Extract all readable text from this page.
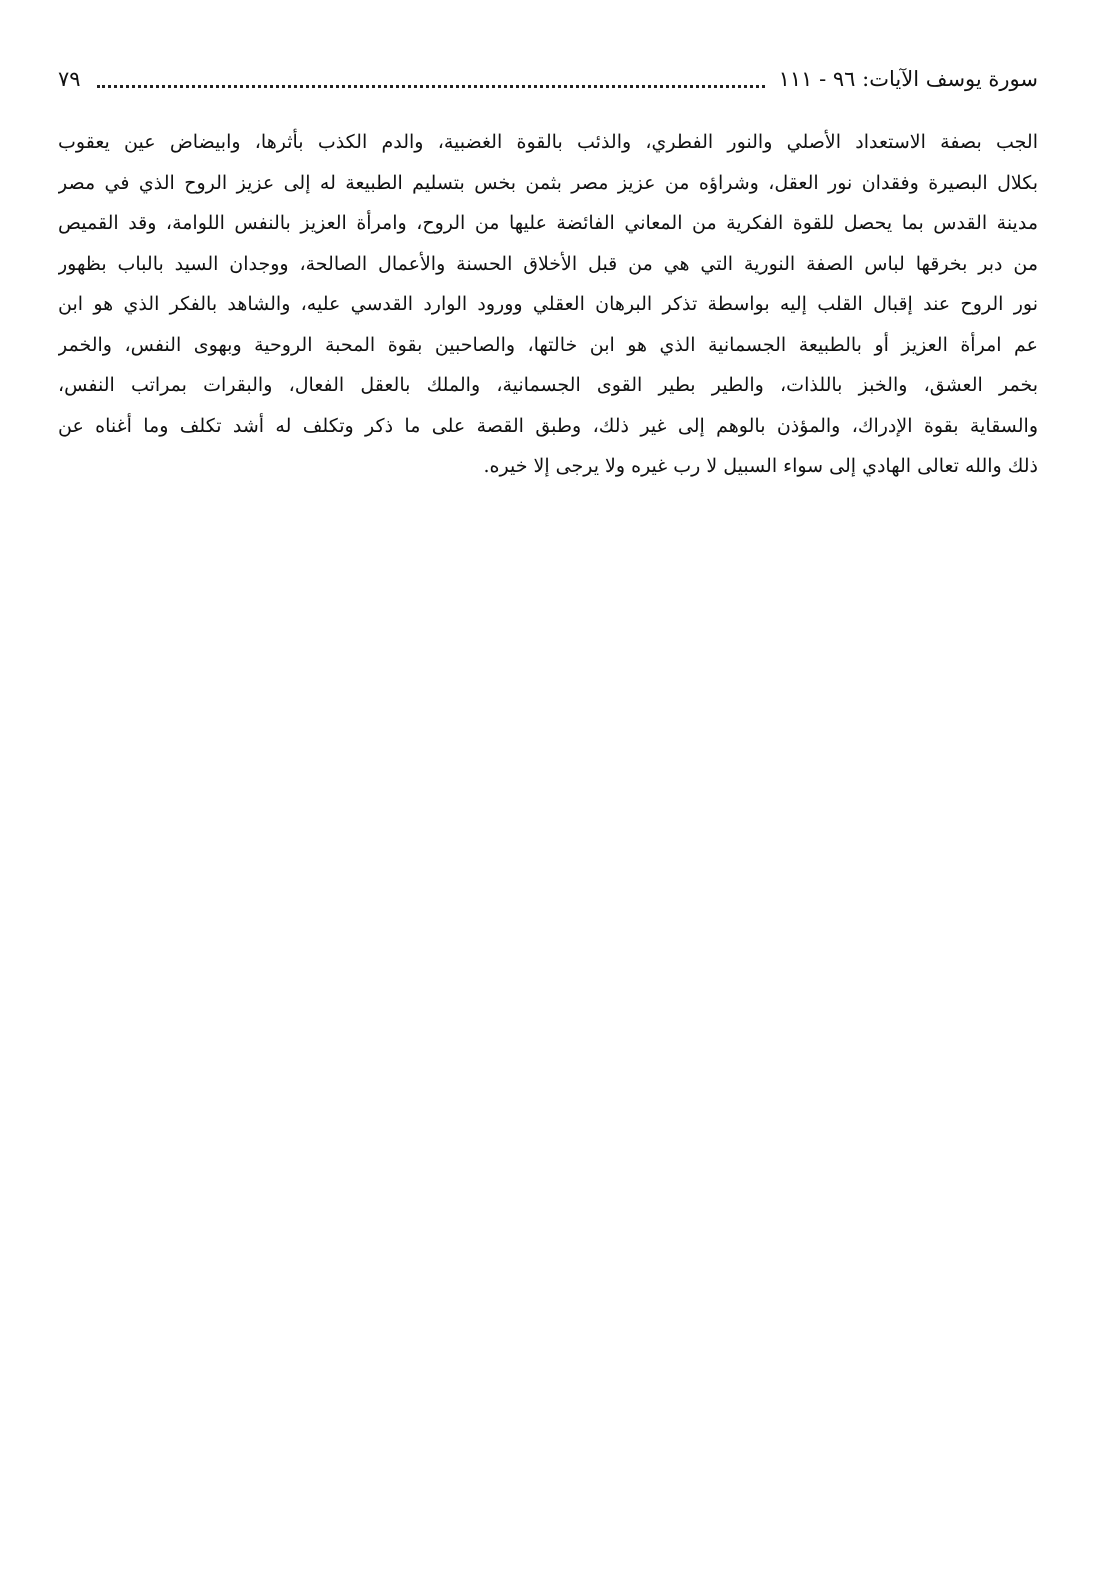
٧٩	سورة يوسف الآيات: ٩٦ - ١١١
الجب بصفة الاستعداد الأصلي والنور الفطري، والذئب بالقوة الغضبية، والدم الكذب بأثرها، وابيضاض عين يعقوب
بكلال البصيرة وفقدان نور العقل، وشراؤه من عزيز مصر بثمن بخس بتسليم الطبيعة له إلى عزيز الروح الذي في مصر
مدينة القدس بما يحصل للقوة الفكرية من المعاني الفائضة عليها من الروح، وامرأة العزيز بالنفس اللوامة، وقد القميص
من دبر بخرقها لباس الصفة النورية التي هي من قبل الأخلاق الحسنة والأعمال الصالحة، ووجدان السيد بالباب بظهور
نور الروح عند إقبال القلب إليه بواسطة تذكر البرهان العقلي وورود الوارد القدسي عليه، والشاهد بالفكر الذي هو ابن
عم امرأة العزيز أو بالطبيعة الجسمانية الذي هو ابن خالتها، والصاحبين بقوة المحبة الروحية وبهوى النفس، والخمر
بخمر العشق، والخبز باللذات، والطير بطير القوى الجسمانية، والملك بالعقل الفعال، والبقرات بمراتب النفس،
والسقاية بقوة الإدراك، والمؤذن بالوهم إلى غير ذلك، وطبق القصة على ما ذكر وتكلف له أشد تكلف وما أغناه عن
ذلك والله تعالى الهادي إلى سواء السبيل لا رب غيره ولا يرجى إلا خيره.
